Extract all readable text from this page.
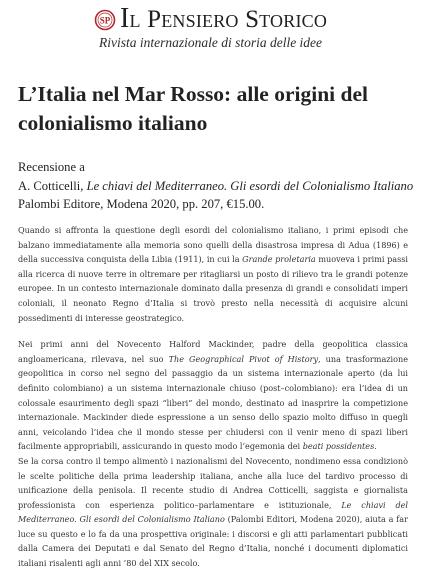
SP Il Pensiero Storico
Rivista internazionale di storia delle idee
L’Italia nel Mar Rosso: alle origini del colonialismo italiano
Recensione a
A. Cotticelli, Le chiavi del Mediterraneo. Gli esordi del Colonialismo Italiano
Palombi Editore, Modena 2020, pp. 207, €15.00.

Quando si affronta la questione degli esordi del colonialismo italiano, i primi episodi che balzano immediatamente alla memoria sono quelli della disastrosa impresa di Adua (1896) e della successiva conquista della Libia (1911), in cui la Grande proletaria muoveva i primi passi alla ricerca di nuove terre in oltremare per ritagliarsi un posto di rilievo tra le grandi potenze europee. In un contesto internazionale dominato dalla presenza di grandi e consolidati imperi coloniali, il neonato Regno d’Italia si trovò presto nella necessità di acquisire alcuni possedimenti di interesse geostrategico.

Nei primi anni del Novecento Halford Mackinder, padre della geopolitica classica angloamericana, rilevava, nel suo The Geographical Pivot of History, una trasformazione geopolitica in corso nel segno del passaggio da un sistema internazionale aperto (da lui definito colombiano) a un sistema internazionale chiuso (post–colombiano): era l’idea di un colossale esaurimento degli spazi “liberi” del mondo, destinato ad inasprire la competizione internazionale. Mackinder diede espressione a un senso dello spazio molto diffuso in quegli anni, veicolando l’idea che il mondo stesse per chiudersi con il venir meno di spazi liberi facilmente appropriabili, assicurando in questo modo l’egemonia dei beati possidentes.

Se la corsa contro il tempo alimentò i nazionalismi del Novecento, nondimeno essa condizionò le scelte politiche della prima leadership italiana, anche alla luce del tardivo processo di unificazione della penisola. Il recente studio di Andrea Cotticelli, saggista e giornalista professionista con esperienza politico–parlamentare e istituzionale, Le chiavi del Mediterraneo. Gli esordi del Colonialismo Italiano (Palombi Editori, Modena 2020), aiuta a far luce su questo e lo fa da una prospettiva originale: i discorsi e gli atti parlamentari pubblicati dalla Camera dei Deputati e dal Senato del Regno d’Italia, nonché i documenti diplomatici italiani risalenti agli anni ’80 del XIX secolo.
